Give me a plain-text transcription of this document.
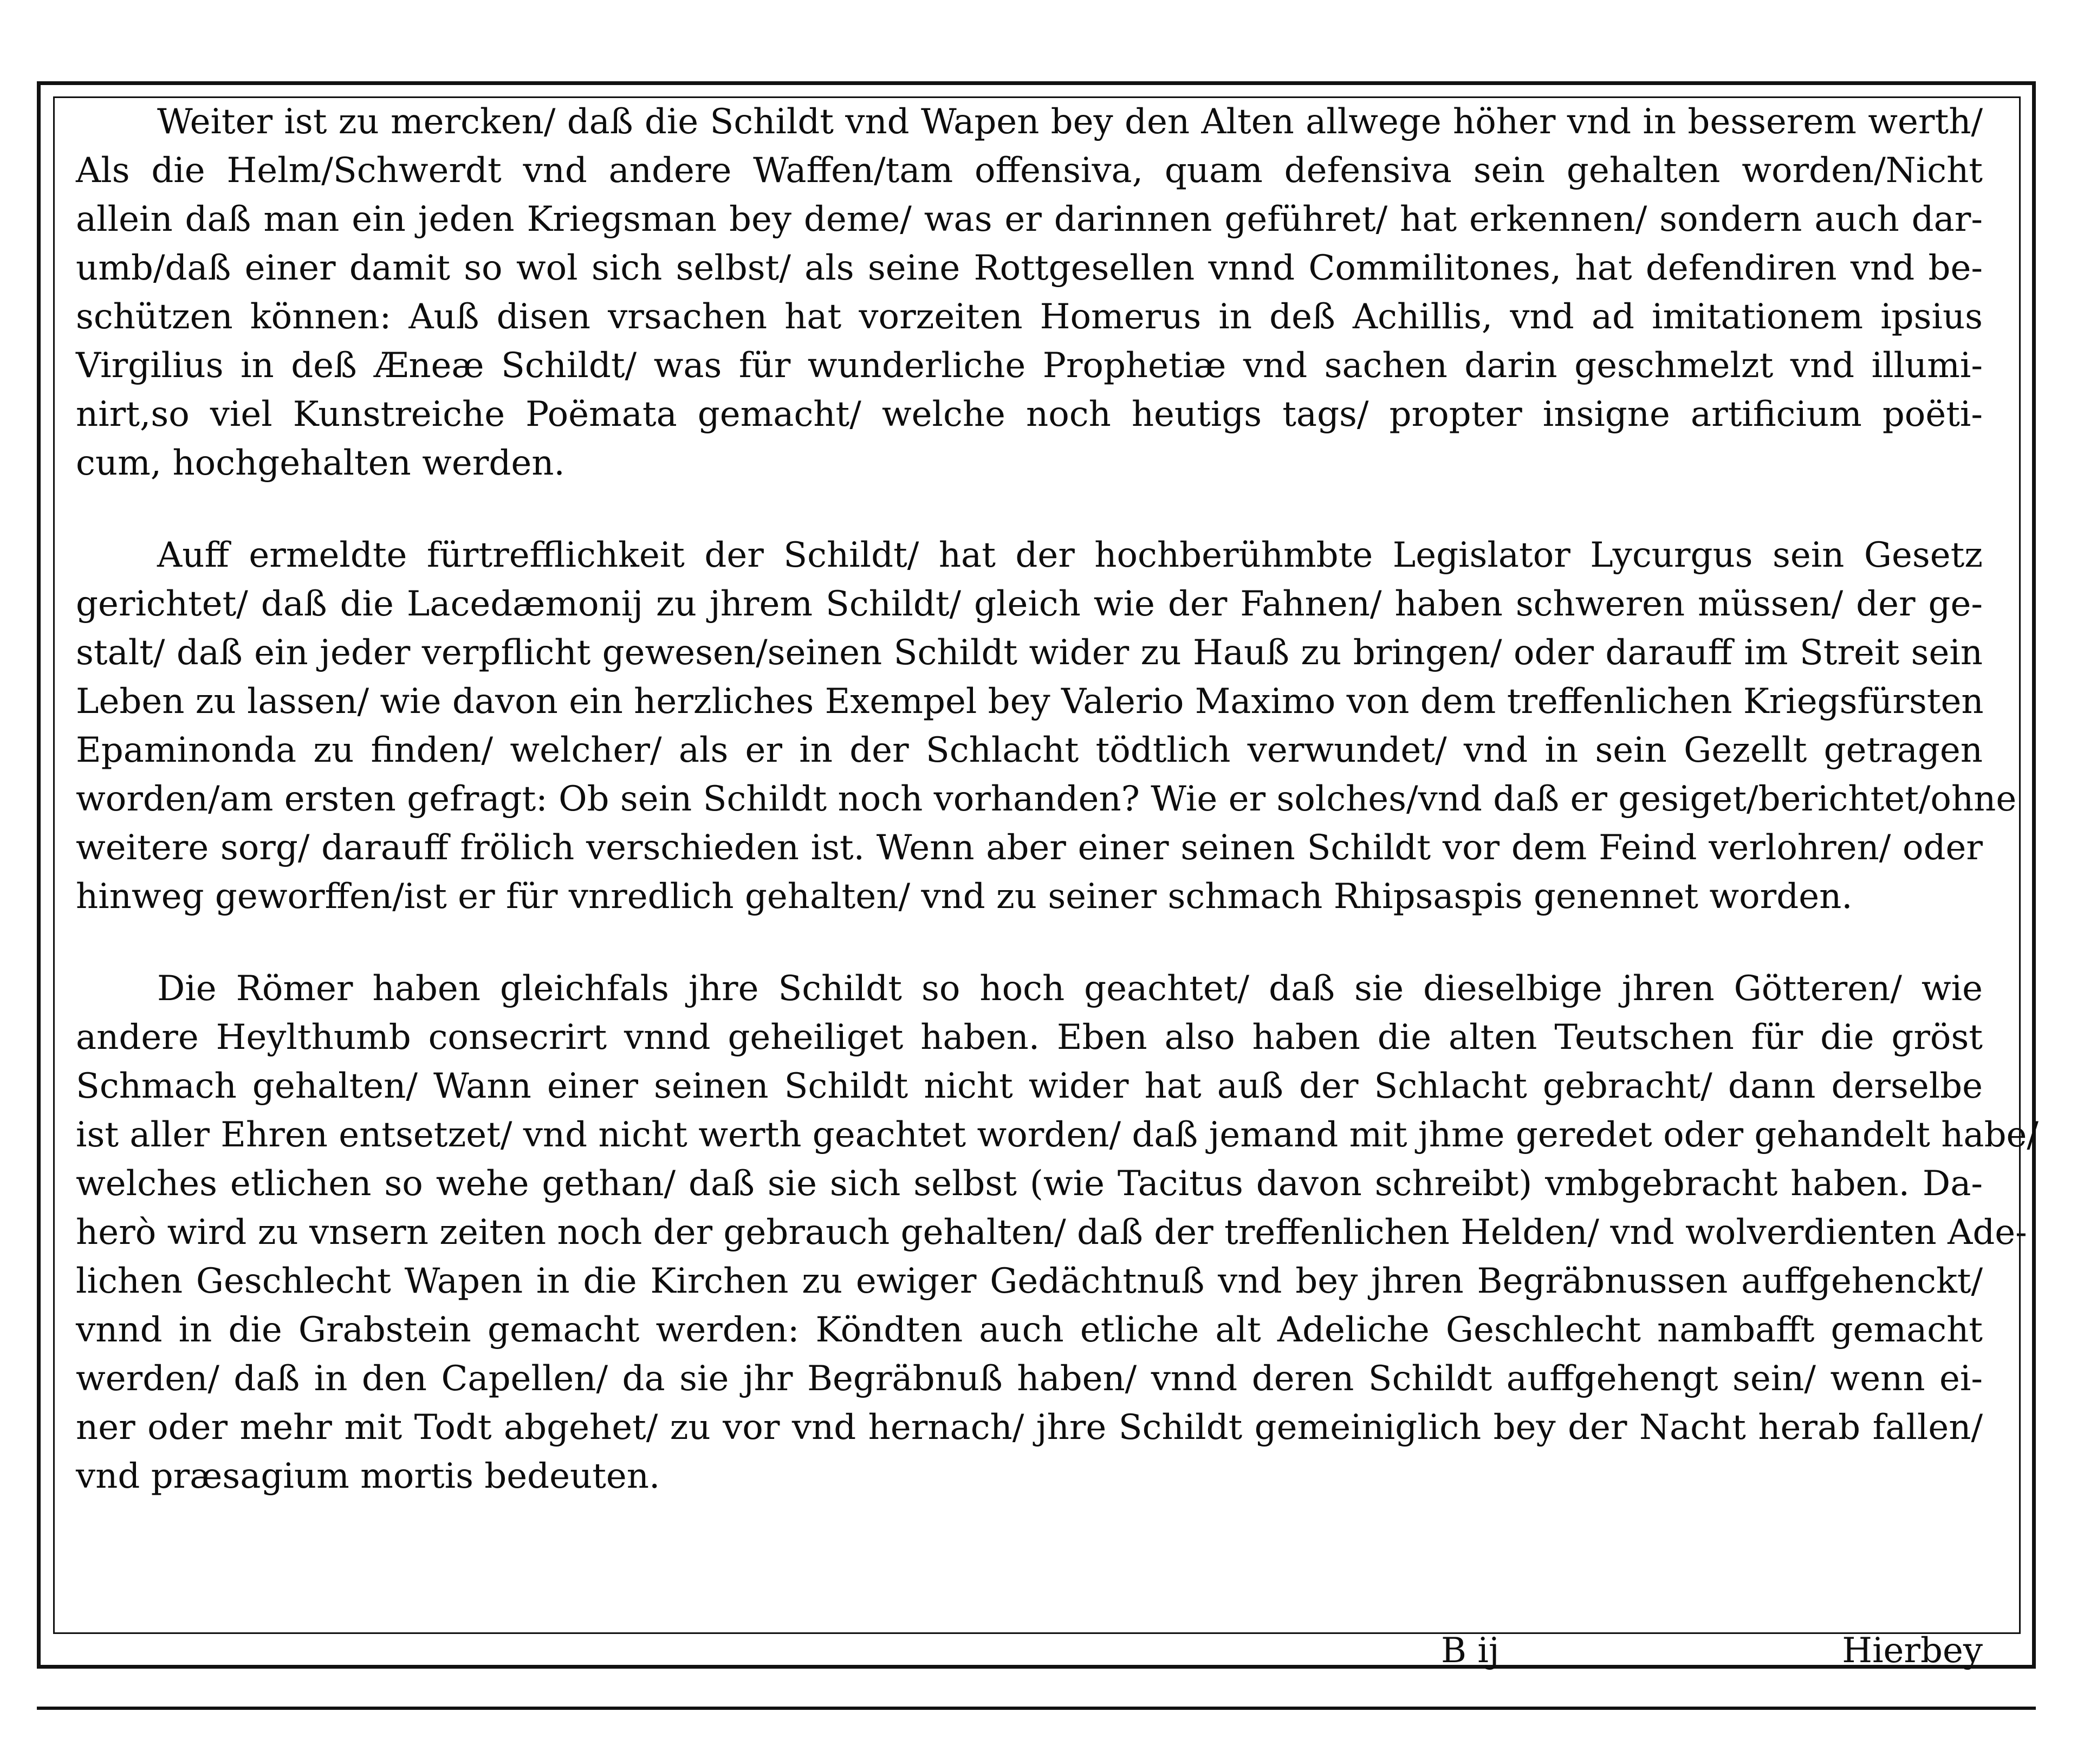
Weiter ist zu mercken/ daß die Schildt vnd Wapen bey den Alten allwege höher vnd in besserem werth/
Als die Helm/Schwerdt vnd andere Waffen/tam offensiva, quam defensiva sein gehalten worden/Nicht
allein daß man ein jeden Kriegsman bey deme/ was er darinnen geführet/ hat erkennen/ sondern auch dar-
umb/daß einer damit so wol sich selbst/ als seine Rottgesellen vnnd Commilitones, hat defendiren vnd be-
schützen können: Auß disen vrsachen hat vorzeiten Homerus in deß Achillis, vnd ad imitationem ipsius
Virgilius in deß Æneæ Schildt/ was für wunderliche Prophetiæ vnd sachen darin geschmelzt vnd illumi-
nirt,so viel Kunstreiche Poëmata gemacht/ welche noch heutigs tags/ propter insigne artificium poëti-
cum, hochgehalten werden.
Auff ermeldte fürtrefflichkeit der Schildt/ hat der hochberühmbte Legislator Lycurgus sein Gesetz
gerichtet/ daß die Lacedæmonij zu jhrem Schildt/ gleich wie der Fahnen/ haben schweren müssen/ der ge-
stalt/ daß ein jeder verpflicht gewesen/seinen Schildt wider zu Hauß zu bringen/ oder darauff im Streit sein
Leben zu lassen/ wie davon ein herzliches Exempel bey Valerio Maximo von dem treffenlichen Kriegsfürsten
Epaminonda zu finden/ welcher/ als er in der Schlacht tödtlich verwundet/ vnd in sein Gezellt getragen
worden/am ersten gefragt: Ob sein Schildt noch vorhanden? Wie er solches/vnd daß er gesiget/berichtet/ohne
weitere sorg/ darauff frölich verschieden ist. Wenn aber einer seinen Schildt vor dem Feind verlohren/ oder
hinweg geworffen/ist er für vnredlich gehalten/ vnd zu seiner schmach Rhipsaspis genennet worden.
Die Römer haben gleichfals jhre Schildt so hoch geachtet/ daß sie dieselbige jhren Götteren/ wie
andere Heylthumb consecrirt vnnd geheiliget haben. Eben also haben die alten Teutschen für die gröst
Schmach gehalten/ Wann einer seinen Schildt nicht wider hat auß der Schlacht gebracht/ dann derselbe
ist aller Ehren entsetzet/ vnd nicht werth geachtet worden/ daß jemand mit jhme geredet oder gehandelt habe/
welches etlichen so wehe gethan/ daß sie sich selbst (wie Tacitus davon schreibt) vmbgebracht haben. Da-
herò wird zu vnsern zeiten noch der gebrauch gehalten/ daß der treffenlichen Helden/ vnd wolverdienten Ade-
lichen Geschlecht Wapen in die Kirchen zu ewiger Gedächtnuß vnd bey jhren Begräbnussen auffgehenckt/
vnnd in die Grabstein gemacht werden: Köndten auch etliche alt Adeliche Geschlecht nambafft gemacht
werden/ daß in den Capellen/ da sie jhr Begräbnuß haben/ vnnd deren Schildt auffgehengt sein/ wenn ei-
ner oder mehr mit Todt abgehet/ zu vor vnd hernach/ jhre Schildt gemeiniglich bey der Nacht herab fallen/
vnd præsagium mortis bedeuten.
B ij	Hierbey
